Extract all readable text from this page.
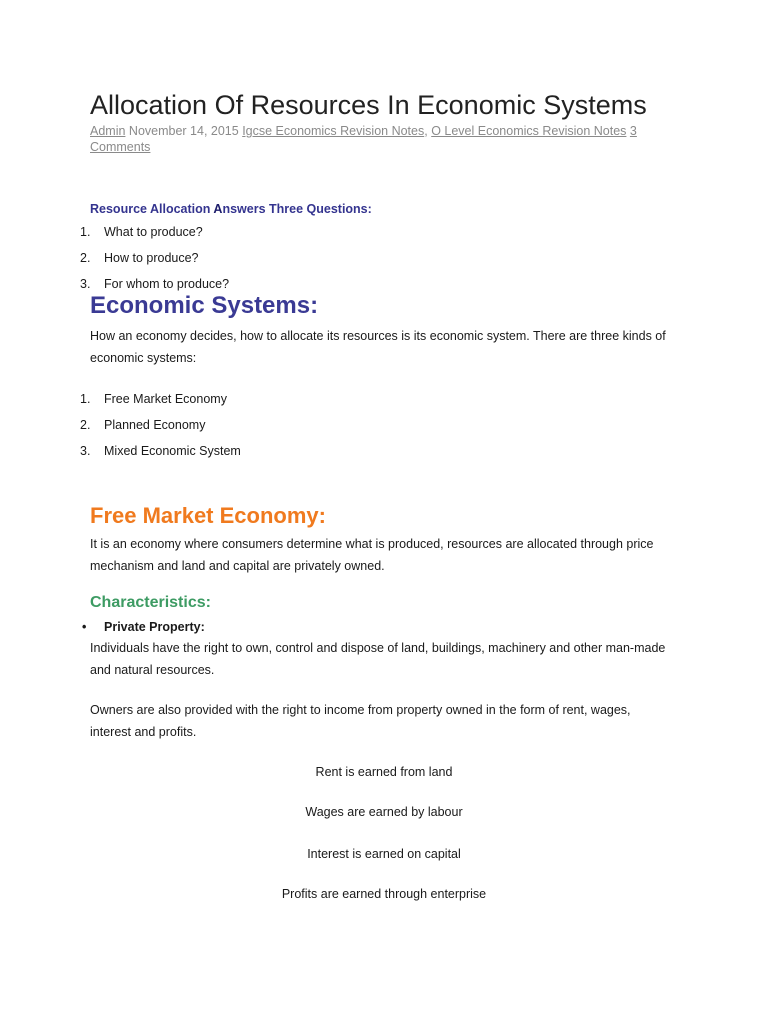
Allocation Of Resources In Economic Systems
Admin November 14, 2015 Igcse Economics Revision Notes, O Level Economics Revision Notes 3 Comments
Resource Allocation Answers Three Questions:
1. What to produce?
2. How to produce?
3. For whom to produce?
Economic Systems:

How an economy decides, how to allocate its resources is its economic system. There are three kinds of economic systems:

1. Free Market Economy
2. Planned Economy
3. Mixed Economic System
Free Market Economy:

It is an economy where consumers determine what is produced, resources are allocated through price mechanism and land and capital are privately owned.

Characteristics:
• Private Property:

Individuals have the right to own, control and dispose of land, buildings, machinery and other man-made and natural resources.

Owners are also provided with the right to income from property owned in the form of rent, wages, interest and profits.

Rent is earned from land

Wages are earned by labour

Interest is earned on capital

Profits are earned through enterprise
